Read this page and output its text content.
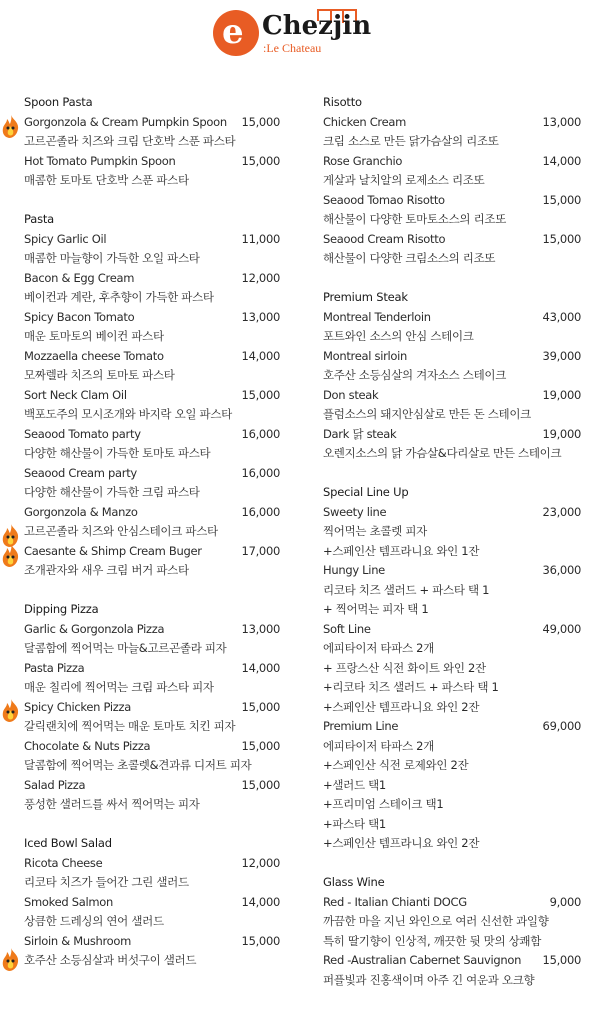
e Chezjin
:Le Chateau
Spoon Pasta
Gorgonzola & Cream Pumpkin Spoon 15,000
고르곤졸라 치즈와 크림 단호박 스푼 파스타
Hot Tomato Pumpkin Spoon	15,000
매콤한 토마토 단호박 스푼 파스타
Pasta
Spicy Garlic Oil	11,000
매콤한 마늘향이 가득한 오일 파스타
Bacon & Egg Cream	12,000
베이컨과 계란, 후추향이 가득한 파스타
Spicy Bacon Tomato	13,000
매운 토마토의 베이컨 파스타
Mozzaella cheese Tomato	14,000
모짜렐라 치즈의 토마토 파스타
Sort Neck Clam Oil	15,000
백포도주의 모시조개와 바지락 오일 파스타
Seaood Tomato party	16,000
다양한 해산물이 가득한 토마토 파스타
Seaood Cream party	16,000
다양한 해산물이 가득한 크림 파스타
Gorgonzola & Manzo	16,000
고르곤졸라 치즈와 안심스테이크 파스타
Caesante & Shimp Cream Buger	17,000
조개관자와 새우 크림 버거 파스타
Dipping Pizza
Garlic & Gorgonzola Pizza	13,000
달콤함에 찍어먹는 마늘&고르곤졸라 피자
Pasta Pizza	14,000
매운 칠리에 찍어먹는 크림 파스타 피자
Spicy Chicken Pizza	15,000
갈릭랜치에 찍어먹는 매운 토마토 치킨 피자
Chocolate & Nuts Pizza	15,000
달콤함에 찍어먹는 초콜렛&견과류 디저트 피자
Salad Pizza	15,000
풍성한 샐러드를 싸서 찍어먹는 피자
Iced Bowl Salad
Ricota Cheese	12,000
리코타 치즈가 들어간 그린 샐러드
Smoked Salmon	14,000
상큼한 드레싱의 연어 샐러드
Sirloin & Mushroom	15,000
호주산 소등심살과 버섯구이 샐러드
Risotto
Chicken Cream	13,000
크림 소스로 만든 닭가슴살의 리조또
Rose Granchio	14,000
게살과 날치알의 로제소스 리조또
Seaood Tomao Risotto	15,000
해산물이 다양한 토마토소스의 리조또
Seaood Cream Risotto	15,000
해산물이 다양한 크림소스의 리조또
Premium Steak
Montreal Tenderloin	43,000
포트와인 소스의 안심 스테이크
Montreal sirloin	39,000
호주산 소등심살의 겨자소스 스테이크
Don steak	19,000
플럼소스의 돼지안심살로 만든 돈 스테이크
Dark 닭 steak	19,000
오렌지소스의 닭 가슴살&다리살로 만든 스테이크
Special Line Up
Sweety line	23,000
찍어먹는 초콜렛 피자
+스페인산 템프라니요 와인 1잔
Hungy Line	36,000
리코타 치즈 샐러드 + 파스타 택 1
+ 찍어먹는 피자 택 1
Soft Line	49,000
에피타이저 타파스 2개
+ 프랑스산 식전 화이트 와인 2잔
+리코타 치즈 샐러드 + 파스타 택 1
+스페인산 템프라니요 와인 2잔
Premium Line	69,000
에피타이저 타파스 2개
+스페인산 식전 로제와인 2잔
+샐러드 택1
+프리미엄 스테이크 택1
+파스타 택1
+스페인산 템프라니요 와인 2잔
Glass Wine
Red - Italian Chianti DOCG	9,000
까끔한 마을 지닌 와인으로 여러 신선한 과일향
특히 딸기향이 인상적, 깨끗한 뒷 맛의 상쾌함
Red -Australian Cabernet Sauvignon 15,000
퍼플빛과 진홍색이며 아주 긴 여운과 오크향
